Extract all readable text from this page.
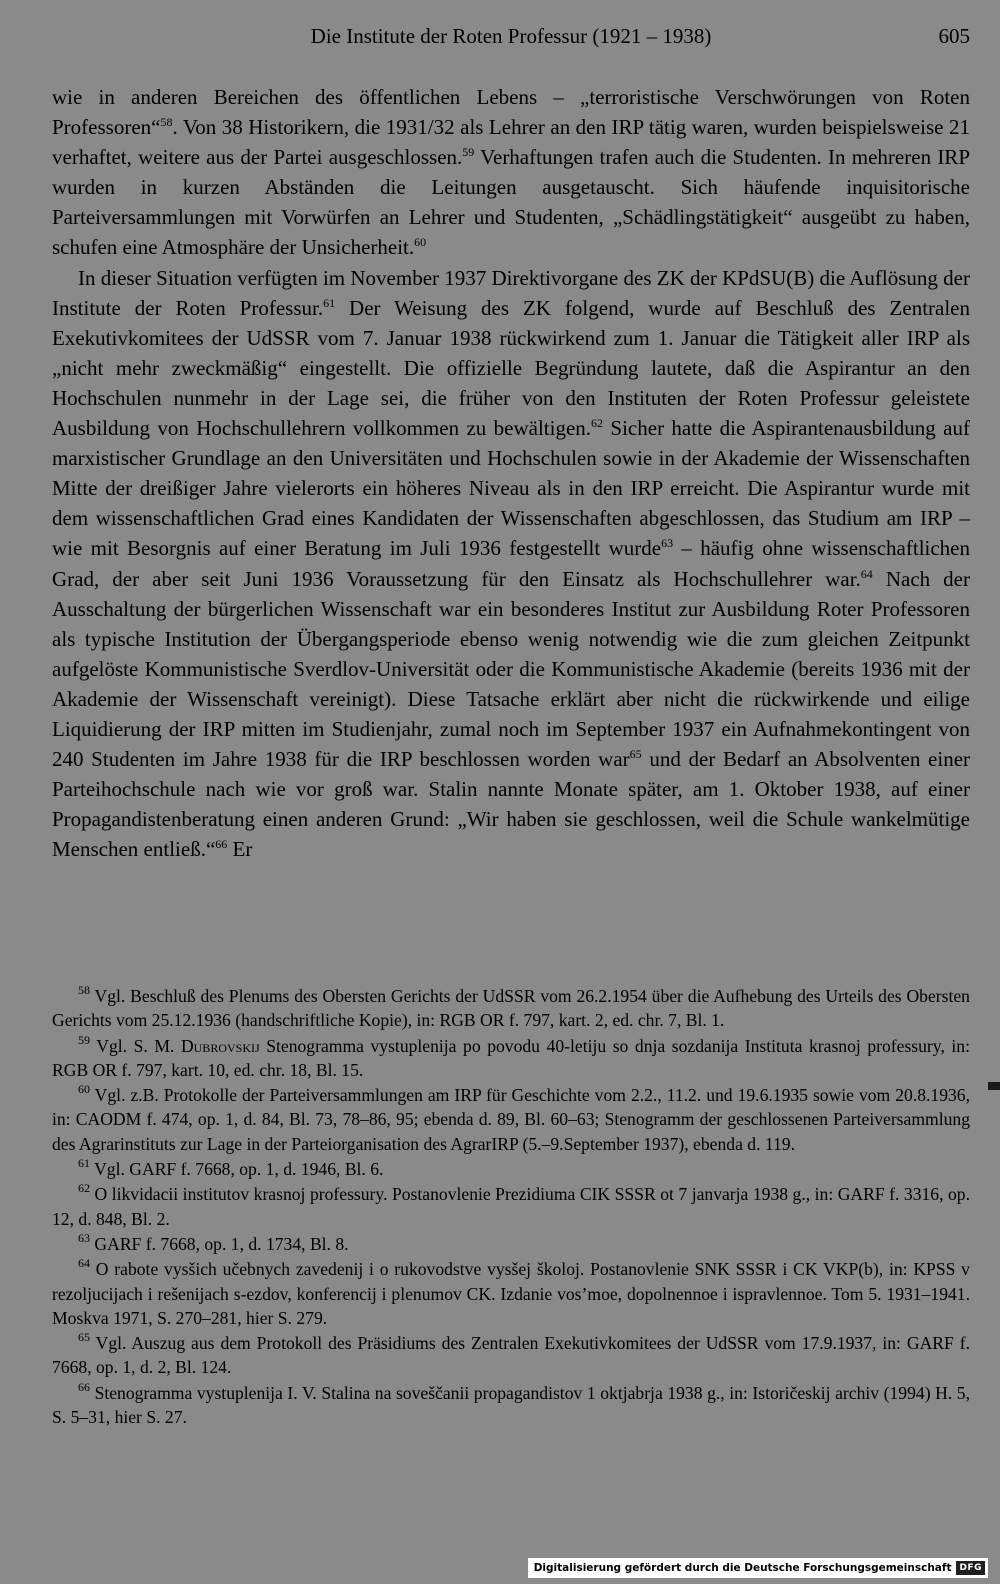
Die Institute der Roten Professur (1921 – 1938)	605

wie in anderen Bereichen des öffentlichen Lebens – „terroristische Verschwörungen von Roten Professoren“$^{58}$. Von 38 Historikern, die 1931/32 als Lehrer an den IRP tätig waren, wurden beispielsweise 21 verhaftet, weitere aus der Partei ausgeschlossen.$^{59}$ Verhaftungen trafen auch die Studenten. In mehreren IRP wurden in kurzen Abständen die Leitungen ausgetauscht. Sich häufende inquisitorische Parteiversammlungen mit Vorwürfen an Lehrer und Studenten, „Schädlingstätigkeit“ ausgeübt zu haben, schufen eine Atmosphäre der Unsicherheit.$^{60}$

In dieser Situation verfügten im November 1937 Direktivorgane des ZK der KPdSU(B) die Auflösung der Institute der Roten Professur.$^{61}$ Der Weisung des ZK folgend, wurde auf Beschluß des Zentralen Exekutivkomitees der UdSSR vom 7. Januar 1938 rückwirkend zum 1. Januar die Tätigkeit aller IRP als „nicht mehr zweckmäßig“ eingestellt. Die offizielle Begründung lautete, daß die Aspirantur an den Hochschulen nunmehr in der Lage sei, die früher von den Instituten der Roten Professur geleistete Ausbildung von Hochschullehrern vollkommen zu bewältigen.$^{62}$ Sicher hatte die Aspirantenausbildung auf marxistischer Grundlage an den Universitäten und Hochschulen sowie in der Akademie der Wissenschaften Mitte der dreißiger Jahre vielerorts ein höheres Niveau als in den IRP erreicht. Die Aspirantur wurde mit dem wissenschaftlichen Grad eines Kandidaten der Wissenschaften abgeschlossen, das Studium am IRP – wie mit Besorgnis auf einer Beratung im Juli 1936 festgestellt wurde$^{63}$ – häufig ohne wissenschaftlichen Grad, der aber seit Juni 1936 Voraussetzung für den Einsatz als Hochschullehrer war.$^{64}$ Nach der Ausschaltung der bürgerlichen Wissenschaft war ein besonderes Institut zur Ausbildung Roter Professoren als typische Institution der Übergangsperiode ebenso wenig notwendig wie die zum gleichen Zeitpunkt aufgelöste Kommunistische Sverdlov-Universität oder die Kommunistische Akademie (bereits 1936 mit der Akademie der Wissenschaft vereinigt). Diese Tatsache erklärt aber nicht die rückwirkende und eilige Liquidierung der IRP mitten im Studienjahr, zumal noch im September 1937 ein Aufnahmekontingent von 240 Studenten im Jahre 1938 für die IRP beschlossen worden war$^{65}$ und der Bedarf an Absolventen einer Parteihochschule nach wie vor groß war. Stalin nannte Monate später, am 1. Oktober 1938, auf einer Propagandistenberatung einen anderen Grund: „Wir haben sie geschlossen, weil die Schule wankelmütige Menschen entließ.“$^{66}$ Er

$^{58}$ Vgl. Beschluß des Plenums des Obersten Gerichts der UdSSR vom 26.2.1954 über die Aufhebung des Urteils des Obersten Gerichts vom 25.12.1936 (handschriftliche Kopie), in: RGB OR f. 797, kart. 2, ed. chr. 7, Bl. 1.

$^{59}$ Vgl. S. M. Dubrovskij Stenogramma vystuplenija po povodu 40-letiju so dnja sozdanija Instituta krasnoj professury, in: RGB OR f. 797, kart. 10, ed. chr. 18, Bl. 15.

$^{60}$ Vgl. z.B. Protokolle der Parteiversammlungen am IRP für Geschichte vom 2.2., 11.2. und 19.6.1935 sowie vom 20.8.1936, in: CAODM f. 474, op. 1, d. 84, Bl. 73, 78–86, 95; ebenda d. 89, Bl. 60–63; Stenogramm der geschlossenen Parteiversammlung des Agrarinstituts zur Lage in der Parteiorganisation des AgrarIRP (5.–9.September 1937), ebenda d. 119.

$^{61}$ Vgl. GARF f. 7668, op. 1, d. 1946, Bl. 6.

$^{62}$ O likvidacii institutov krasnoj professury. Postanovlenie Prezidiuma CIK SSSR ot 7 janvarja 1938 g., in: GARF f. 3316, op. 12, d. 848, Bl. 2.

$^{63}$ GARF f. 7668, op. 1, d. 1734, Bl. 8.

$^{64}$ O rabote vysšich učebnych zavedenij i o rukovodstve vysšej školoj. Postanovlenie SNK SSSR i CK VKP(b), in: KPSS v rezoljucijach i rešenijach s-ezdov, konferencij i plenumov CK. Izdanie vos’moe, dopolnennoe i ispravlennoe. Tom 5. 1931–1941. Moskva 1971, S. 270–281, hier S. 279.

$^{65}$ Vgl. Auszug aus dem Protokoll des Präsidiums des Zentralen Exekutivkomitees der UdSSR vom 17.9.1937, in: GARF f. 7668, op. 1, d. 2, Bl. 124.

$^{66}$ Stenogramma vystuplenija I. V. Stalina na soveščanii propagandistov 1 oktjabrja 1938 g., in: Istoričeskij archiv (1994) H. 5, S. 5–31, hier S. 27.

Digitalisierung gefördert durch die Deutsche Forschungsgemeinschaft DFG
